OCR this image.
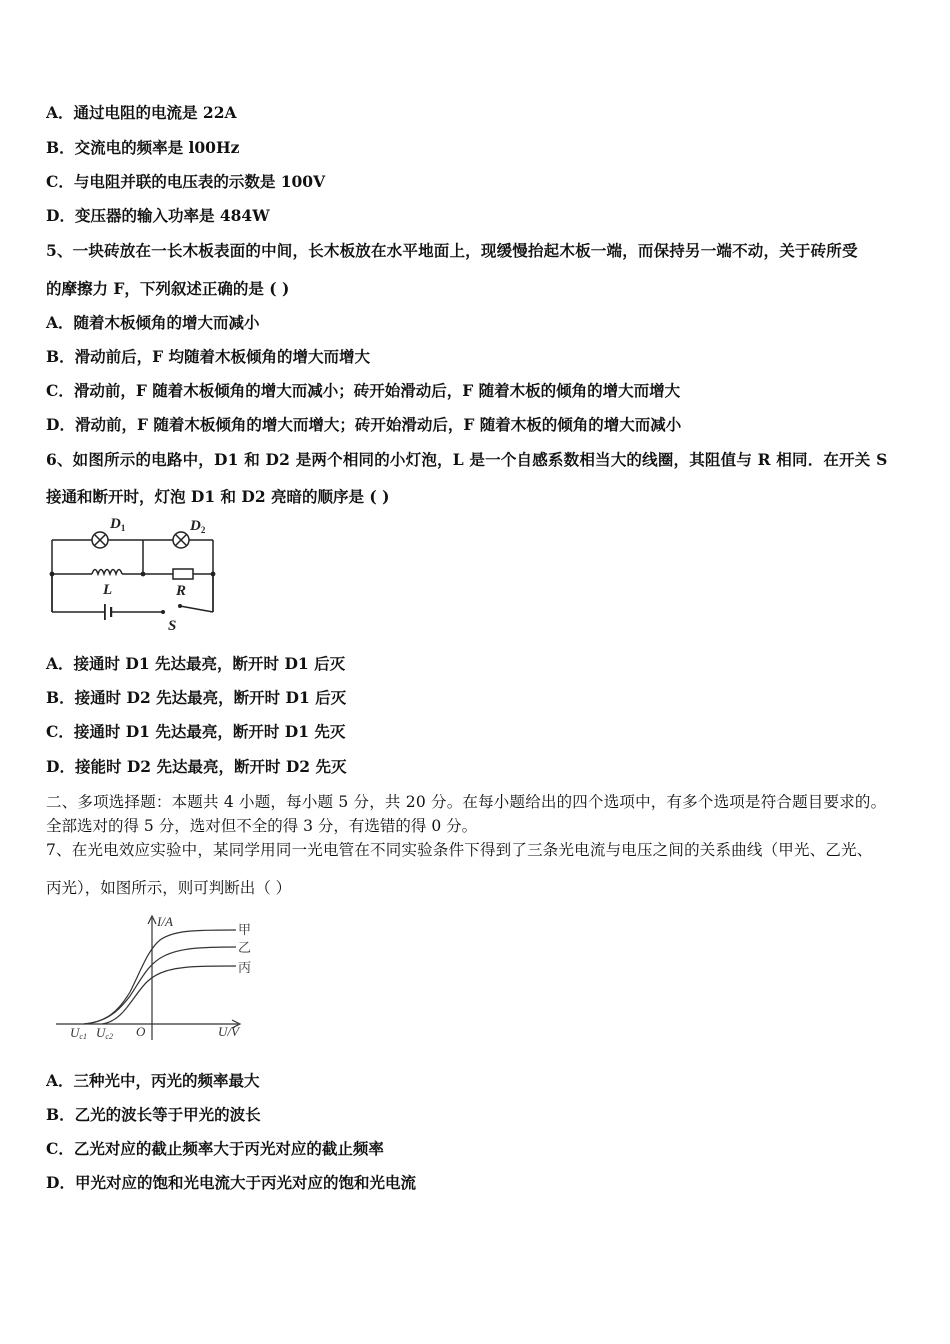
A．通过电阻的电流是 22A
B．交流电的频率是 l00Hz
C．与电阻并联的电压表的示数是 100V
D．变压器的输入功率是 484W
5、一块砖放在一长木板表面的中间，长木板放在水平地面上，现缓慢抬起木板一端，而保持另一端不动，关于砖所受
的摩擦力 F，下列叙述正确的是 ( )
A．随着木板倾角的增大而减小
B．滑动前后，F 均随着木板倾角的增大而增大
C．滑动前，F 随着木板倾角的增大而减小；砖开始滑动后，F 随着木板的倾角的增大而增大
D．滑动前，F 随着木板倾角的增大而增大；砖开始滑动后，F 随着木板的倾角的增大而减小
6、如图所示的电路中，D1 和 D2 是两个相同的小灯泡，L 是一个自感系数相当大的线圈，其阻值与 R 相同．在开关 S
接通和断开时，灯泡 D1 和 D2 亮暗的顺序是 ( )
$D_1$	$D_2$
L	R
S
A．接通时 D1 先达最亮，断开时 D1 后灭
B．接通时 D2 先达最亮，断开时 D1 后灭
C．接通时 D1 先达最亮，断开时 D1 先灭
D．接能时 D2 先达最亮，断开时 D2 先灭
二、多项选择题：本题共 4 小题，每小题 5 分，共 20 分。在每小题给出的四个选项中，有多个选项是符合题目要求的。
全部选对的得 5 分，选对但不全的得 3 分，有选错的得 0 分。
7、在光电效应实验中，某同学用同一光电管在不同实验条件下得到了三条光电流与电压之间的关系曲线（甲光、乙光、
丙光），如图所示，则可判断出（ ）
I/A
U/V
O
Uc1 Uc2
甲
乙
丙
A．三种光中，丙光的频率最大
B．乙光的波长等于甲光的波长
C．乙光对应的截止频率大于丙光对应的截止频率
D．甲光对应的饱和光电流大于丙光对应的饱和光电流
